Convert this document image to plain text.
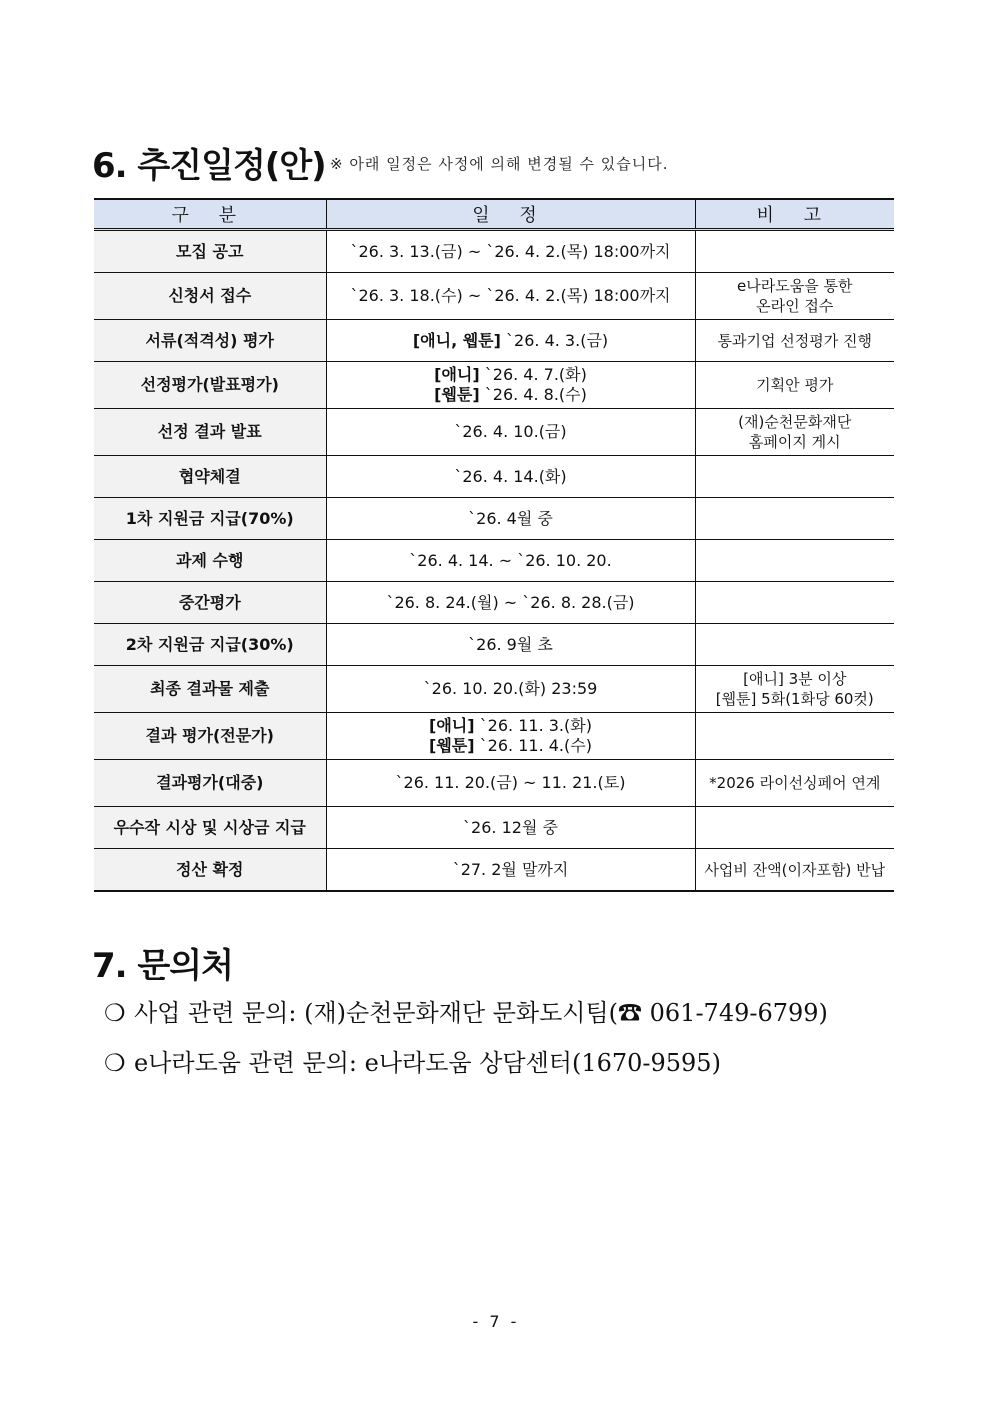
6. 추진일정(안) ※ 아래 일정은 사정에 의해 변경될 수 있습니다.
구 분	일 정	비 고
모집 공고	`26. 3. 13.(금) ~ `26. 4. 2.(목) 18:00까지	
신청서 접수	`26. 3. 18.(수) ~ `26. 4. 2.(목) 18:00까지	e나라도움을 통한
온라인 접수

서류(적격성) 평가	[애니, 웹툰] `26. 4. 3.(금)	통과기업 선정평가 진행
선정평가(발표평가)	[애니] `26. 4. 7.(화)
[웹툰] `26. 4. 8.(수)	기획안 평가
선정 결과 발표	`26. 4. 10.(금)	(재)순천문화재단
홈페이지 게시

협약체결	`26. 4. 14.(화)	
1차 지원금 지급(70%)	`26. 4월 중	
과제 수행	`26. 4. 14. ~ `26. 10. 20.	
중간평가	`26. 8. 24.(월) ~ `26. 8. 28.(금)	
2차 지원금 지급(30%)	`26. 9월 초	
최종 결과물 제출	`26. 10. 20.(화) 23:59	[애니] 3분 이상
[웹툰] 5화(1화당 60컷)

결과 평가(전문가)	[애니] `26. 11. 3.(화)
[웹툰] `26. 11. 4.(수)	

결과평가(대중)	`26. 11. 20.(금) ~ 11. 21.(토)	*2026 라이선싱페어 연계
우수작 시상 및 시상금 지급	`26. 12월 중	
정산 확정	`27. 2월 말까지	사업비 잔액(이자포함) 반납
7. 문의처
❍ 사업 관련 문의: (재)순천문화재단 문화도시팀(☎ 061-749-6799)
❍ e나라도움 관련 문의: e나라도움 상담센터(1670-9595)
- 7 -
